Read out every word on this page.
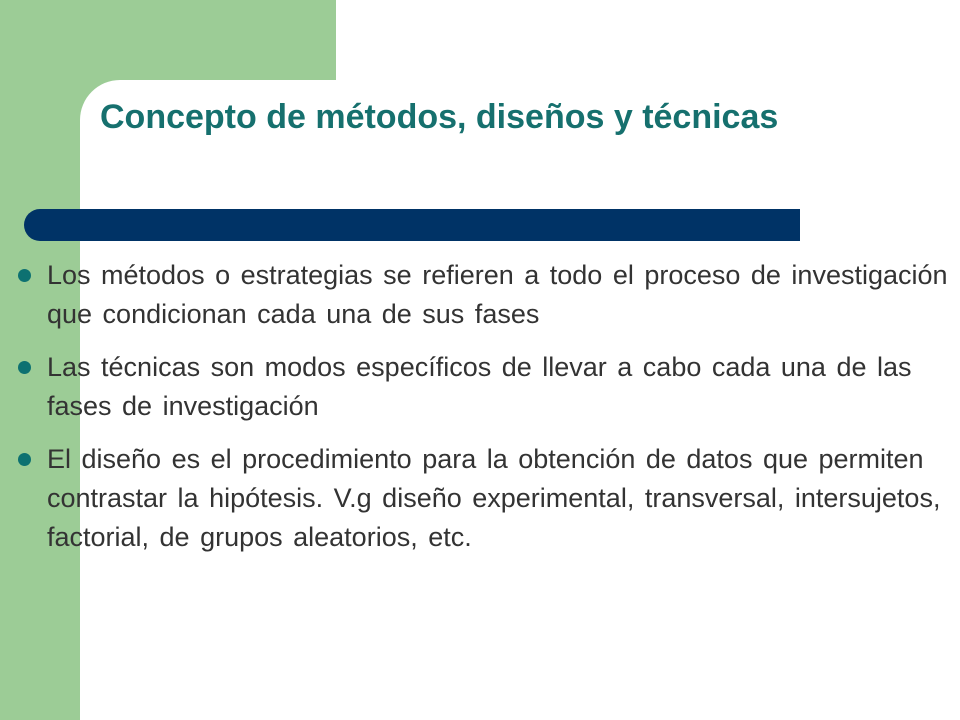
Concepto de métodos, diseños y técnicas
Los métodos o estrategias se refieren a todo el proceso de investigación que condicionan cada una de sus fases
Las técnicas son modos específicos de llevar a cabo cada una de las fases de investigación
El diseño es el procedimiento para la obtención de datos que permiten contrastar la hipótesis. V.g diseño experimental, transversal, intersujetos, factorial, de grupos aleatorios, etc.
